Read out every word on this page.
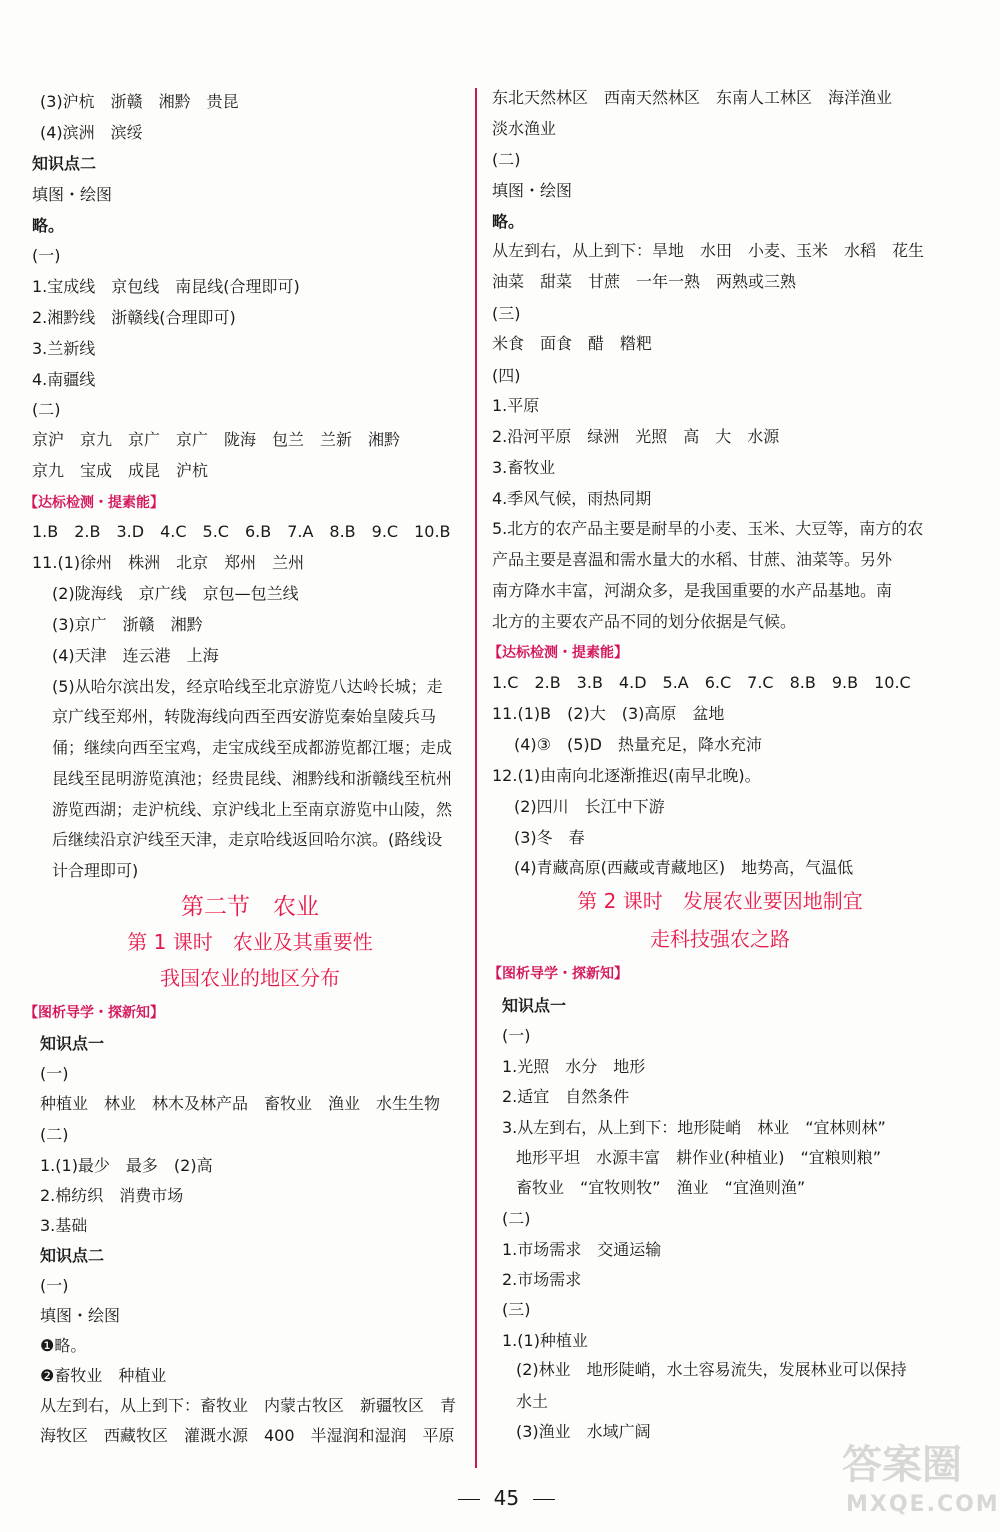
(3)沪杭　浙赣　湘黔　贵昆
(4)滨洲　滨绥
知识点二
填图・绘图
略。
(一)
1.宝成线　京包线　南昆线(合理即可)
2.湘黔线　浙赣线(合理即可)
3.兰新线
4.南疆线
(二)
京沪　京九　京广　京广　陇海　包兰　兰新　湘黔
京九　宝成　成昆　沪杭
【 达标检测・提素能 】
1.B　2.B　3.D　4.C　5.C　6.B　7.A　8.B　9.C　10.B
11.(1)徐州　株洲　北京　郑州　兰州
(2)陇海线　京广线　京包—包兰线
(3)京广　浙赣　湘黔
(4)天津　连云港　上海
(5)从哈尔滨出发，经京哈线至北京游览八达岭长城；走
京广线至郑州，转陇海线向西至西安游览秦始皇陵兵马
俑；继续向西至宝鸡，走宝成线至成都游览都江堰；走成
昆线至昆明游览滇池；经贵昆线、湘黔线和浙赣线至杭州
游览西湖；走沪杭线、京沪线北上至南京游览中山陵，然
后继续沿京沪线至天津，走京哈线返回哈尔滨。(路线设
计合理即可)
第二节　农业
第 1 课时　农业及其重要性
我国农业的地区分布
【 图析导学・探新知 】
知识点一
(一)
种植业　林业　林木及林产品　畜牧业　渔业　水生生物
(二)
1.(1)最少　最多　(2)高
2.棉纺织　消费市场
3.基础
知识点二
(一)
填图・绘图
❶略。
❷畜牧业　种植业
从左到右，从上到下：畜牧业　内蒙古牧区　新疆牧区　青
海牧区　西藏牧区　灌溉水源　400　半湿润和湿润　平原
东北天然林区　西南天然林区　东南人工林区　海洋渔业
淡水渔业
(二)
填图・绘图
略。
从左到右，从上到下：旱地　水田　小麦、玉米　水稻　花生
油菜　甜菜　甘蔗　一年一熟　两熟或三熟
(三)
米食　面食　醋　糌粑
(四)
1.平原
2.沿河平原　绿洲　光照　高　大　水源
3.畜牧业
4.季风气候，雨热同期
5.北方的农产品主要是耐旱的小麦、玉米、大豆等，南方的农
产品主要是喜温和需水量大的水稻、甘蔗、油菜等。另外
南方降水丰富，河湖众多，是我国重要的水产品基地。南
北方的主要农产品不同的划分依据是气候。
【 达标检测・提素能 】
1.C　2.B　3.B　4.D　5.A　6.C　7.C　8.B　9.B　10.C
11.(1)B　(2)大　(3)高原　盆地
(4)③　(5)D　热量充足，降水充沛
12.(1)由南向北逐渐推迟(南早北晚)。
(2)四川　长江中下游
(3)冬　春
(4)青藏高原(西藏或青藏地区)　地势高，气温低
第 2 课时　发展农业要因地制宜
走科技强农之路
【 图析导学・探新知 】
知识点一
(一)
1.光照　水分　地形
2.适宜　自然条件
3.从左到右，从上到下：地形陡峭　林业　“宜林则林”
地形平坦　水源丰富　耕作业(种植业)　“宜粮则粮”
畜牧业　“宜牧则牧”　渔业　“宜渔则渔”
(二)
1.市场需求　交通运输
2.市场需求
(三)
1.(1)种植业
(2)林业　地形陡峭，水土容易流失，发展林业可以保持
水土
(3)渔业　水域广阔

45

答案圈
MXQE.COM
